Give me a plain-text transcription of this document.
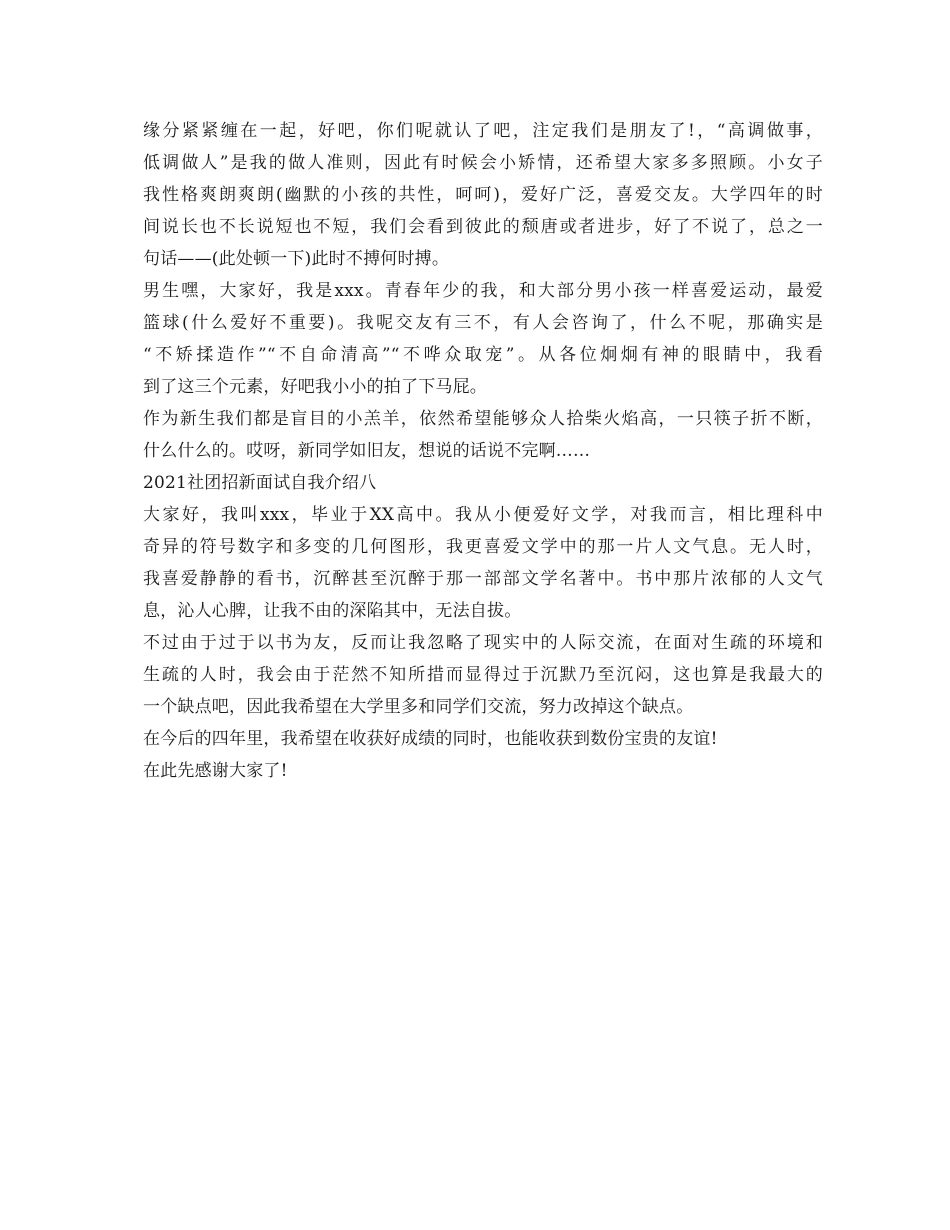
缘分紧紧缠在一起，好吧，你们呢就认了吧，注定我们是朋友了!，“高调做事，
低调做人”是我的做人准则，因此有时候会小矫情，还希望大家多多照顾。小女子
我性格爽朗爽朗(幽默的小孩的共性，呵呵)，爱好广泛，喜爱交友。大学四年的时
间说长也不长说短也不短，我们会看到彼此的颓唐或者进步，好了不说了，总之一
句话——(此处顿一下)此时不搏何时搏。
男生嘿，大家好，我是xxx。青春年少的我，和大部分男小孩一样喜爱运动，最爱
篮球(什么爱好不重要)。我呢交友有三不，有人会咨询了，什么不呢，那确实是
“不矫揉造作”“不自命清高”“不哗众取宠”。从各位炯炯有神的眼睛中，我看
到了这三个元素，好吧我小小的拍了下马屁。
作为新生我们都是盲目的小羔羊，依然希望能够众人拾柴火焰高，一只筷子折不断，
什么什么的。哎呀，新同学如旧友，想说的话说不完啊……
2021社团招新面试自我介绍八
大家好，我叫xxx，毕业于XX高中。我从小便爱好文学，对我而言，相比理科中
奇异的符号数字和多变的几何图形，我更喜爱文学中的那一片人文气息。无人时，
我喜爱静静的看书，沉醉甚至沉醉于那一部部文学名著中。书中那片浓郁的人文气
息，沁人心脾，让我不由的深陷其中，无法自拔。
不过由于过于以书为友，反而让我忽略了现实中的人际交流，在面对生疏的环境和
生疏的人时，我会由于茫然不知所措而显得过于沉默乃至沉闷，这也算是我最大的
一个缺点吧，因此我希望在大学里多和同学们交流，努力改掉这个缺点。
在今后的四年里，我希望在收获好成绩的同时，也能收获到数份宝贵的友谊!
在此先感谢大家了!
